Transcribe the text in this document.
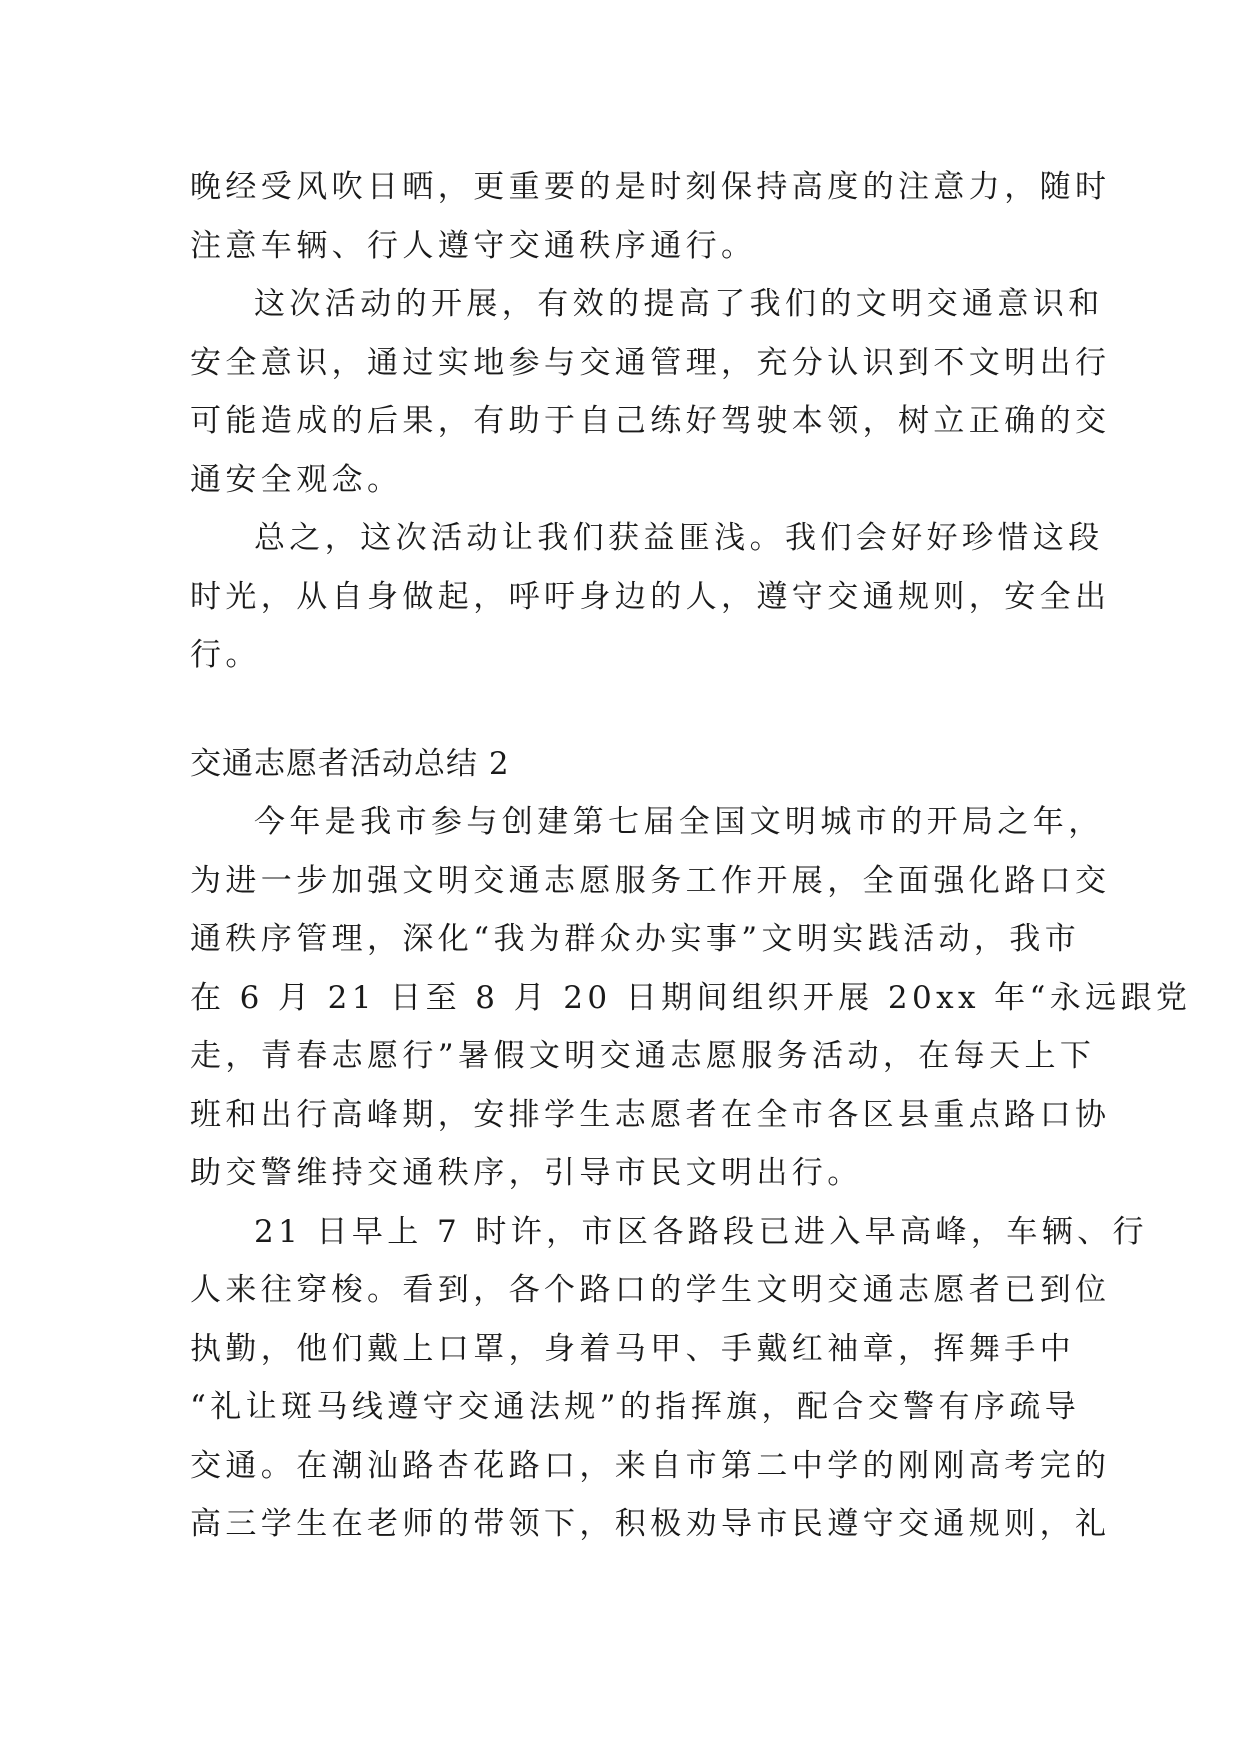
晚经受风吹日晒，更重要的是时刻保持高度的注意力，随时
注意车辆、行人遵守交通秩序通行。
这次活动的开展，有效的提高了我们的文明交通意识和
安全意识，通过实地参与交通管理，充分认识到不文明出行
可能造成的后果，有助于自己练好驾驶本领，树立正确的交
通安全观念。
总之，这次活动让我们获益匪浅。我们会好好珍惜这段
时光，从自身做起，呼吁身边的人，遵守交通规则，安全出
行。
交通志愿者活动总结 2
今年是我市参与创建第七届全国文明城市的开局之年，
为进一步加强文明交通志愿服务工作开展，全面强化路口交
通秩序管理，深化“我为群众办实事”文明实践活动，我市
在 6 月 21 日至 8 月 20 日期间组织开展 20xx 年“永远跟党
走，青春志愿行”暑假文明交通志愿服务活动，在每天上下
班和出行高峰期，安排学生志愿者在全市各区县重点路口协
助交警维持交通秩序，引导市民文明出行。
21 日早上 7 时许，市区各路段已进入早高峰，车辆、行
人来往穿梭。看到，各个路口的学生文明交通志愿者已到位
执勤，他们戴上口罩，身着马甲、手戴红袖章，挥舞手中
“礼让斑马线遵守交通法规”的指挥旗，配合交警有序疏导
交通。在潮汕路杏花路口，来自市第二中学的刚刚高考完的
高三学生在老师的带领下，积极劝导市民遵守交通规则，礼
